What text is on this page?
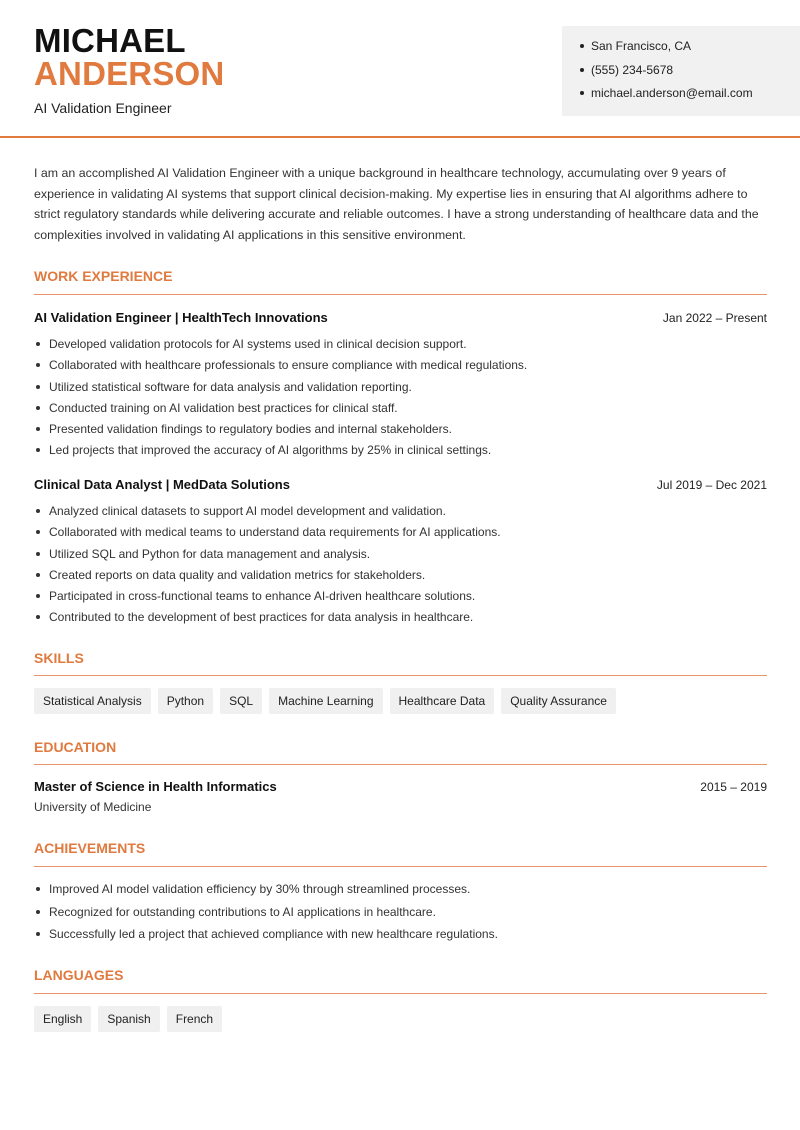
MICHAEL
ANDERSON
AI Validation Engineer
San Francisco, CA
(555) 234-5678
michael.anderson@email.com

I am an accomplished AI Validation Engineer with a unique background in healthcare technology, accumulating over 9 years of experience in validating AI systems that support clinical decision-making. My expertise lies in ensuring that AI algorithms adhere to strict regulatory standards while delivering accurate and reliable outcomes. I have a strong understanding of healthcare data and the complexities involved in validating AI applications in this sensitive environment.

WORK EXPERIENCE
AI Validation Engineer | HealthTech Innovations	Jan 2022 – Present
Developed validation protocols for AI systems used in clinical decision support.
Collaborated with healthcare professionals to ensure compliance with medical regulations.
Utilized statistical software for data analysis and validation reporting.
Conducted training on AI validation best practices for clinical staff.
Presented validation findings to regulatory bodies and internal stakeholders.
Led projects that improved the accuracy of AI algorithms by 25% in clinical settings.
Clinical Data Analyst | MedData Solutions	Jul 2019 – Dec 2021
Analyzed clinical datasets to support AI model development and validation.
Collaborated with medical teams to understand data requirements for AI applications.
Utilized SQL and Python for data management and analysis.
Created reports on data quality and validation metrics for stakeholders.
Participated in cross-functional teams to enhance AI-driven healthcare solutions.
Contributed to the development of best practices for data analysis in healthcare.
SKILLS
Statistical Analysis	Python	SQL	Machine Learning	Healthcare Data	Quality Assurance
EDUCATION
Master of Science in Health Informatics	2015 – 2019
University of Medicine
ACHIEVEMENTS
Improved AI model validation efficiency by 30% through streamlined processes.
Recognized for outstanding contributions to AI applications in healthcare.
Successfully led a project that achieved compliance with new healthcare regulations.
LANGUAGES
English	Spanish	French
